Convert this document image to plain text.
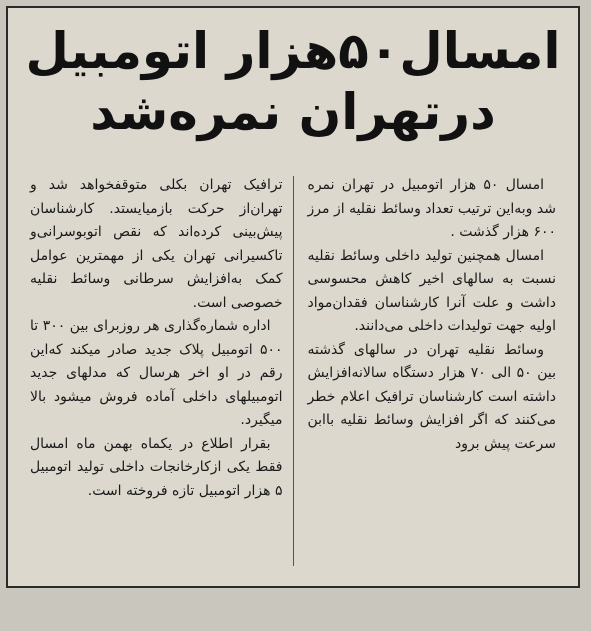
امسال۵۰هزار اتومبیل
درتهران نمره‌شد

امسال ۵۰ هزار اتومبیل در تهران نمره شد وبه‌این ترتیب تعداد وسائط نقلیه از مرز ۶۰۰ هزار گذشت .

امسال همچنین تولید داخلی وسائط نقلیه نسبت به سالهای اخیر کاهش محسوسی داشت و علت آنرا کارشناسان فقدان‌مواد اولیه جهت تولیدات داخلی می‌دانند.

وسائط نقلیه تهران در سالهای گذشته بین ۵۰ الی ۷۰ هزار دستگاه سالانه‌افزایش داشته است کارشناسان ترافیک اعلام خطر می‌کنند که اگر افزایش وسائط نقلیه باابن سرعت پیش برود

ترافیک تهران بکلی متوقفخواهد شد و تهران‌از حرکت بازمیایستد. کارشناسان پیش‌بینی کرده‌اند که نقص اتوبوسرانی‌و تاکسیرانی تهران یکی از مهمترین عوامل کمک به‌افزایش سرطانی وسائط نقلیه خصوصی است.

اداره شماره‌گذاری هر روزبرای بین ۳۰۰ تا ۵۰۰ اتومبیل پلاک جدید صادر میکند که‌این رقم در او اخر هرسال که مدلهای جدید اتومبیلهای داخلی آماده فروش میشود بالا میگیرد.

بقرار اطلاع در یکماه بهمن ماه امسال فقط یکی ازکارخانجات داخلی تولید اتومبیل ۵ هزار اتومبیل تازه فروخته است.
